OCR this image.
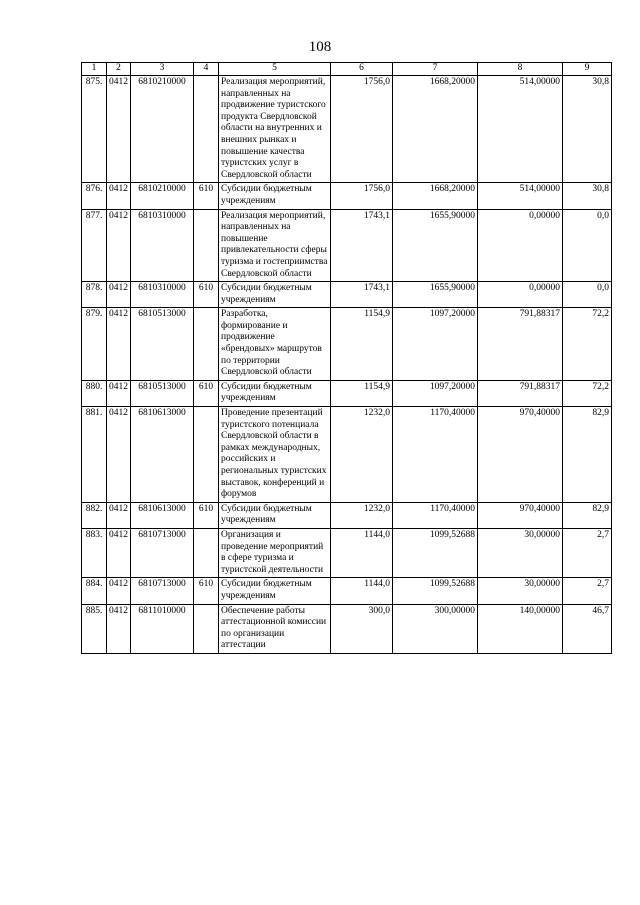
108
1	2	3	4	5	6	7	8	9
875.	0412	6810210000		Реализация мероприятий, направленных на продвижение туристского продукта Свердловской области на внутренних и внешних рынках и повышение качества туристских услуг в Свердловской области	1756,0	1668,20000	514,00000	30,8
876.	0412	6810210000	610	Субсидии бюджетным учреждениям	1756,0	1668,20000	514,00000	30,8
877.	0412	6810310000		Реализация мероприятий, направленных на повышение привлекательности сферы туризма и гостеприимства Свердловской области	1743,1	1655,90000	0,00000	0,0
878.	0412	6810310000	610	Субсидии бюджетным учреждениям	1743,1	1655,90000	0,00000	0,0
879.	0412	6810513000		Разработка, формирование и продвижение «брендовых» маршрутов по территории Свердловской области	1154,9	1097,20000	791,88317	72,2
880.	0412	6810513000	610	Субсидии бюджетным учреждениям	1154,9	1097,20000	791,88317	72,2
881.	0412	6810613000		Проведение презентаций туристского потенциала Свердловской области в рамках международных, российских и региональных туристских выставок, конференций и форумов	1232,0	1170,40000	970,40000	82,9
882.	0412	6810613000	610	Субсидии бюджетным учреждениям	1232,0	1170,40000	970,40000	82,9
883.	0412	6810713000		Организация и проведение мероприятий в сфере туризма и туристской деятельности	1144,0	1099,52688	30,00000	2,7
884.	0412	6810713000	610	Субсидии бюджетным учреждениям	1144,0	1099,52688	30,00000	2,7
885.	0412	6811010000		Обеспечение работы аттестационной комиссии по организации аттестации	300,0	300,00000	140,00000	46,7
